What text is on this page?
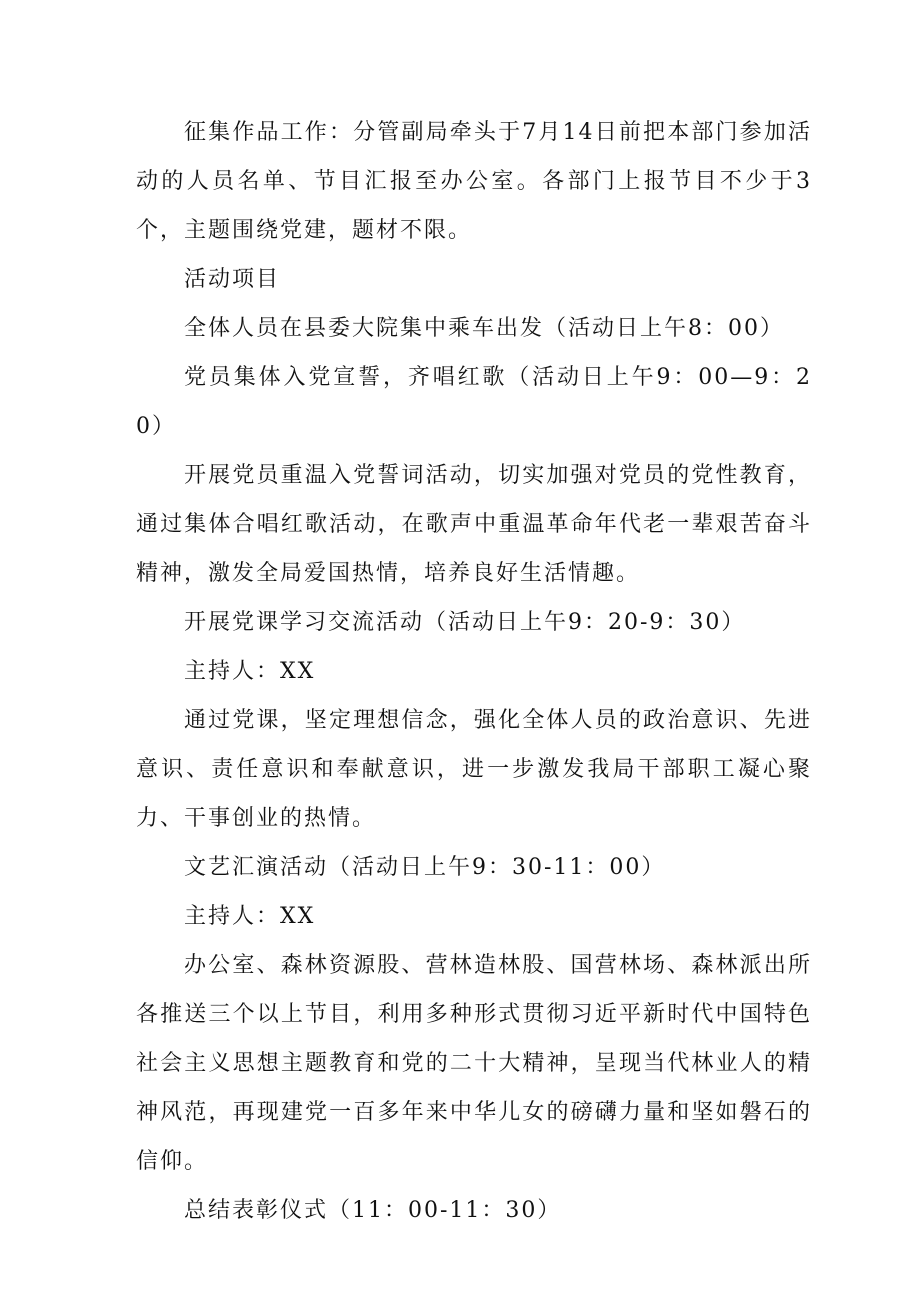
征集作品工作：分管副局牵头于7月14日前把本部门参加活动的人员名单、节目汇报至办公室。各部门上报节目不少于3个，主题围绕党建，题材不限。

活动项目

全体人员在县委大院集中乘车出发（活动日上午8：00）

党员集体入党宣誓，齐唱红歌（活动日上午9：00—9：20）

开展党员重温入党誓词活动，切实加强对党员的党性教育，通过集体合唱红歌活动，在歌声中重温革命年代老一辈艰苦奋斗精神，激发全局爱国热情，培养良好生活情趣。

开展党课学习交流活动（活动日上午9：20-9：30）

主持人：XX

通过党课，坚定理想信念，强化全体人员的政治意识、先进意识、责任意识和奉献意识，进一步激发我局干部职工凝心聚力、干事创业的热情。

文艺汇演活动（活动日上午9：30-11：00）

主持人：XX

办公室、森林资源股、营林造林股、国营林场、森林派出所各推送三个以上节目，利用多种形式贯彻习近平新时代中国特色社会主义思想主题教育和党的二十大精神，呈现当代林业人的精神风范，再现建党一百多年来中华儿女的磅礴力量和坚如磐石的信仰。

总结表彰仪式（11：00-11：30）
